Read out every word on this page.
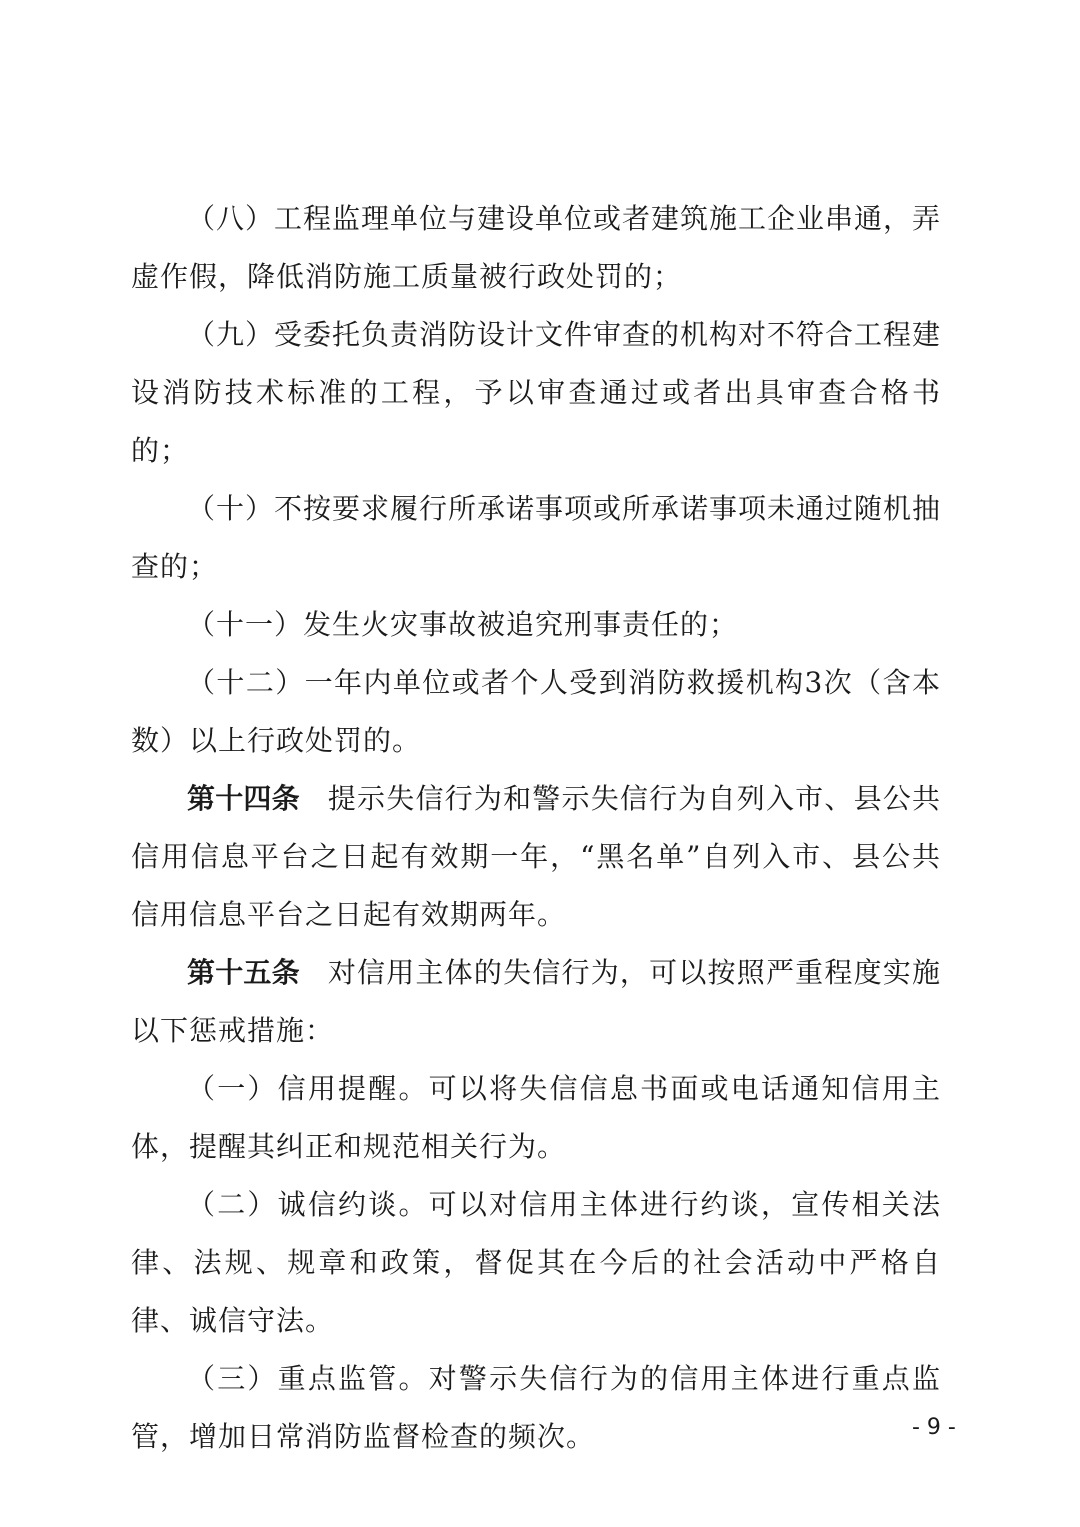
（八）工程监理单位与建设单位或者建筑施工企业串通，弄虚作假，降低消防施工质量被行政处罚的；

（九）受委托负责消防设计文件审查的机构对不符合工程建设消防技术标准的工程，予以审查通过或者出具审查合格书的；

（十）不按要求履行所承诺事项或所承诺事项未通过随机抽查的；

（十一）发生火灾事故被追究刑事责任的；

（十二）一年内单位或者个人受到消防救援机构3次（含本数）以上行政处罚的。

第十四条 提示失信行为和警示失信行为自列入市、县公共信用信息平台之日起有效期一年，“黑名单”自列入市、县公共信用信息平台之日起有效期两年。

第十五条 对信用主体的失信行为，可以按照严重程度实施以下惩戒措施：

（一）信用提醒。可以将失信信息书面或电话通知信用主体，提醒其纠正和规范相关行为。

（二）诚信约谈。可以对信用主体进行约谈，宣传相关法律、法规、规章和政策，督促其在今后的社会活动中严格自律、诚信守法。

（三）重点监管。对警示失信行为的信用主体进行重点监管，增加日常消防监督检查的频次。	- 9 -
